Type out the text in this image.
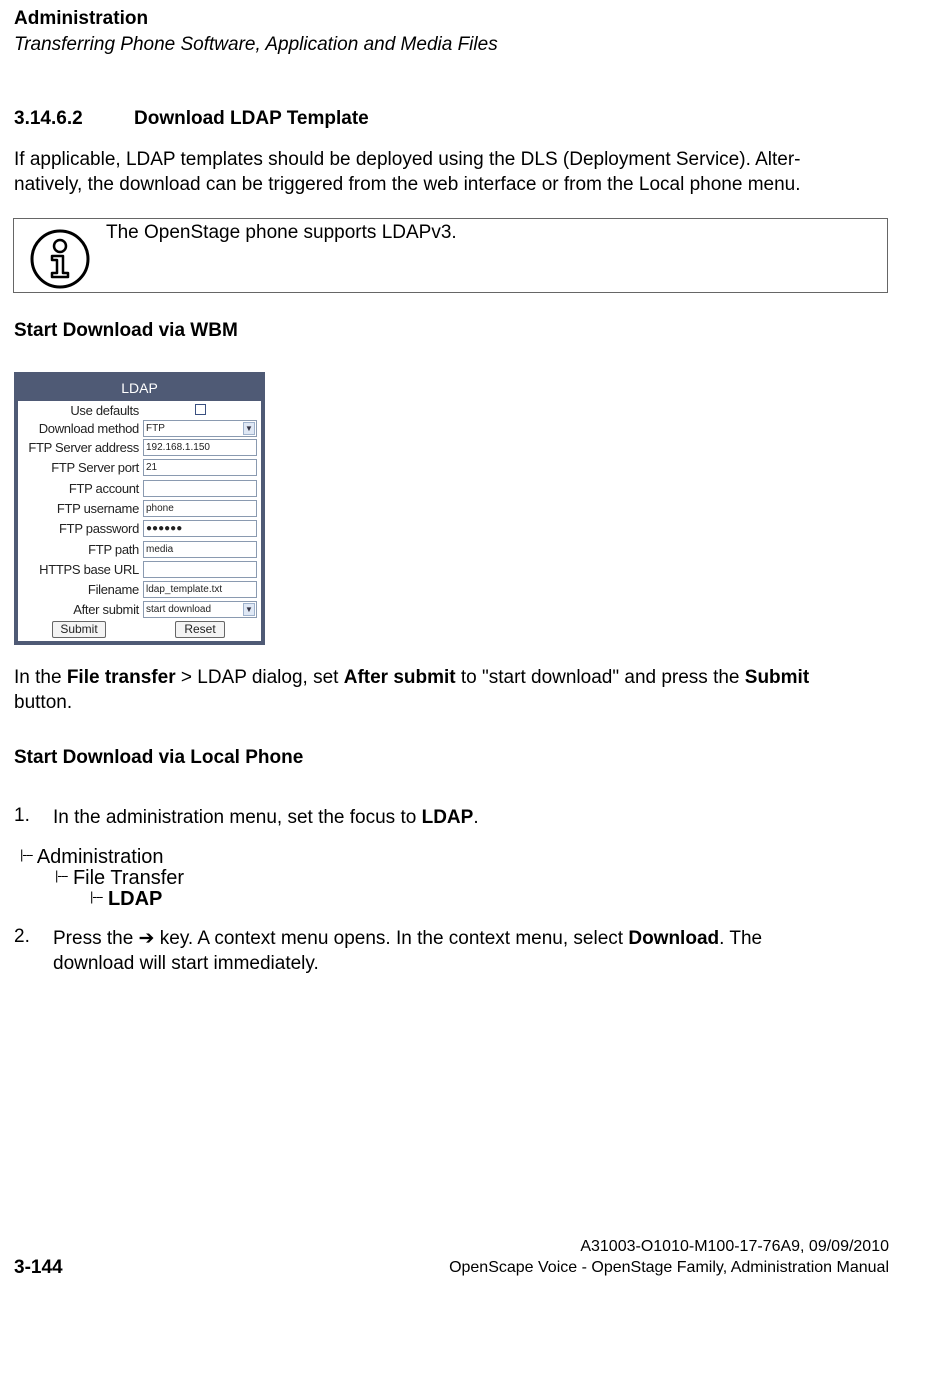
Administration
Transferring Phone Software, Application and Media Files
3.14.6.2	Download LDAP Template
If applicable, LDAP templates should be deployed using the DLS (Deployment Service). Alter-
natively, the download can be triggered from the web interface or from the Local phone menu.
The OpenStage phone supports LDAPv3.
Start Download via WBM
LDAP
Submit	Reset
Use defaults
Download method FTP	▼
FTP Server address 192.168.1.150
FTP Server port 21
FTP account
FTP username phone
FTP password ●●●●●●
FTP path media
HTTPS base URL
Filename ldap_template.txt
After submit start download	▼
In the File transfer > LDAP dialog, set After submit to "start download" and press the Submit
button.
Start Download via Local Phone
1. In the administration menu, set the focus to LDAP.
|--- Administration
|--- File Transfer
|--- LDAP
2. Press the ➔ key. A context menu opens. In the context menu, select Download. The
download will start immediately.
A31003-O1010-M100-17-76A9, 09/09/2010
3-144	OpenScape Voice - OpenStage Family, Administration Manual
